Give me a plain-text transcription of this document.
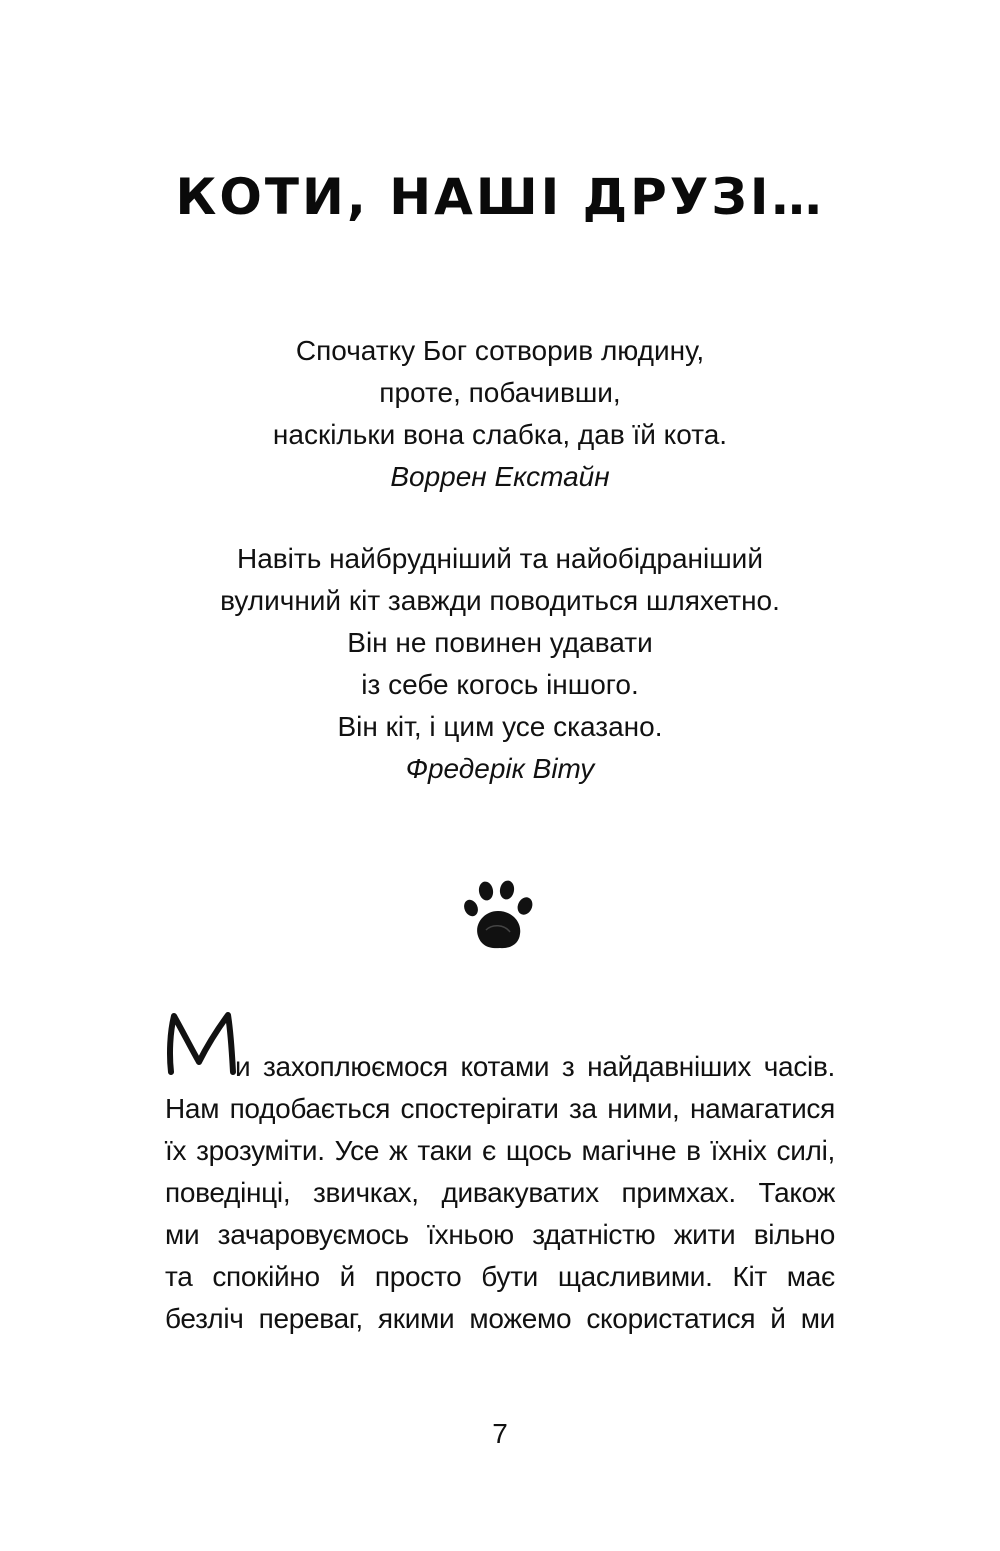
КОТИ, НАШІ ДРУЗІ…
Спочатку Бог сотворив людину,
проте, побачивши,
наскільки вона слабка, дав їй кота.
Воррен Екстайн
Навіть найбрудніший та найобідраніший
вуличний кіт завжди поводиться шляхетно.
Він не повинен удавати
із себе когось іншого.
Він кіт, і цим усе сказано.
Фредерік Віту
и захоплюємося котами з найдавніших часів.
Нам подобається спостерігати за ними, намагатися
їх зрозуміти. Усе ж таки є щось магічне в їхніх силі,
поведінці, звичках, дивакуватих примхах. Також
ми зачаровуємось їхньою здатністю жити вільно
та спокійно й просто бути щасливими. Кіт має
безліч переваг, якими можемо скористатися й ми
7
